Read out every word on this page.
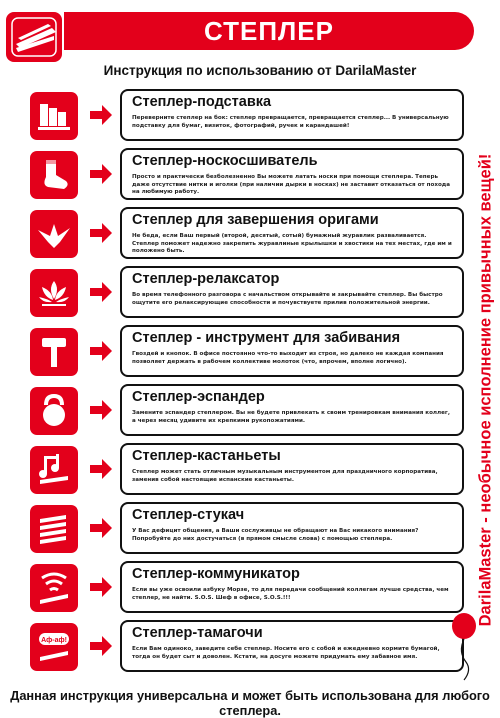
СТЕПЛЕР
Инструкция по использованию от DarilaMaster
DarilaMaster - необычное исполнение привычных вещей!
Степлер-подставка
Переверните степлер на бок: степлер превращается, превращается степлер... В универсальную подставку для бумаг, визиток, фотографий, ручек и карандашей!
Степлер-носкосшиватель
Просто и практически безболезненно Вы можете латать носки при помощи степлера. Теперь даже отсутствие нитки и иголки (при наличии дырки в носках) не заставит отказаться от похода на любимую работу.
Степлер для завершения оригами
Не беда, если Ваш первый (второй, десятый, сотый) бумажный журавлик разваливается. Степлер поможет надежно закрепить журавлиные крылышки и хвостики на тех местах, где им и положено быть.
Степлер-релаксатор
Во время телефонного разговора с начальством открывайте и закрывайте степлер. Вы быстро ощутите его релаксирующие способности и почувствуете прилив положительной энергии.
Степлер - инструмент для забивания
Гвоздей и кнопок. В офисе постоянно что-то выходит из строя, но далеко не каждая компания позволяет держать в рабочем коллективе молоток (что, впрочем, вполне логично).
Степлер-эспандер
Замените эспандер степлером. Вы не будете привлекать к своим тренировкам внимания коллег, а через месяц удивите их крепкими рукопожатиями.
Степлер-кастаньеты
Степлер может стать отличным музыкальным инструментом для праздничного корпоратива, заменив собой настоящие испанские кастаньеты.
Степлер-стукач
У Вас дефицит общения, а Ваши сослуживцы не обращают на Вас никакого внимания? Попробуйте до них достучаться (в прямом смысле слова) с помощью степлера.
Степлер-коммуникатор
Если вы уже освоили азбуку Морзе, то для передачи сообщений коллегам лучше средства, чем степлер, не найти. S.O.S. Шеф в офисе, S.O.S.!!!
Аф-аф!	Степлер-тамагочи
Если Вам одиноко, заведите себе степлер. Носите его с собой и ежедневно кормите бумагой, тогда он будет сыт и доволен. Кстати, на досуге можете придумать ему забавное имя.
Данная инструкция универсальна и может быть использована для любого степлера.
